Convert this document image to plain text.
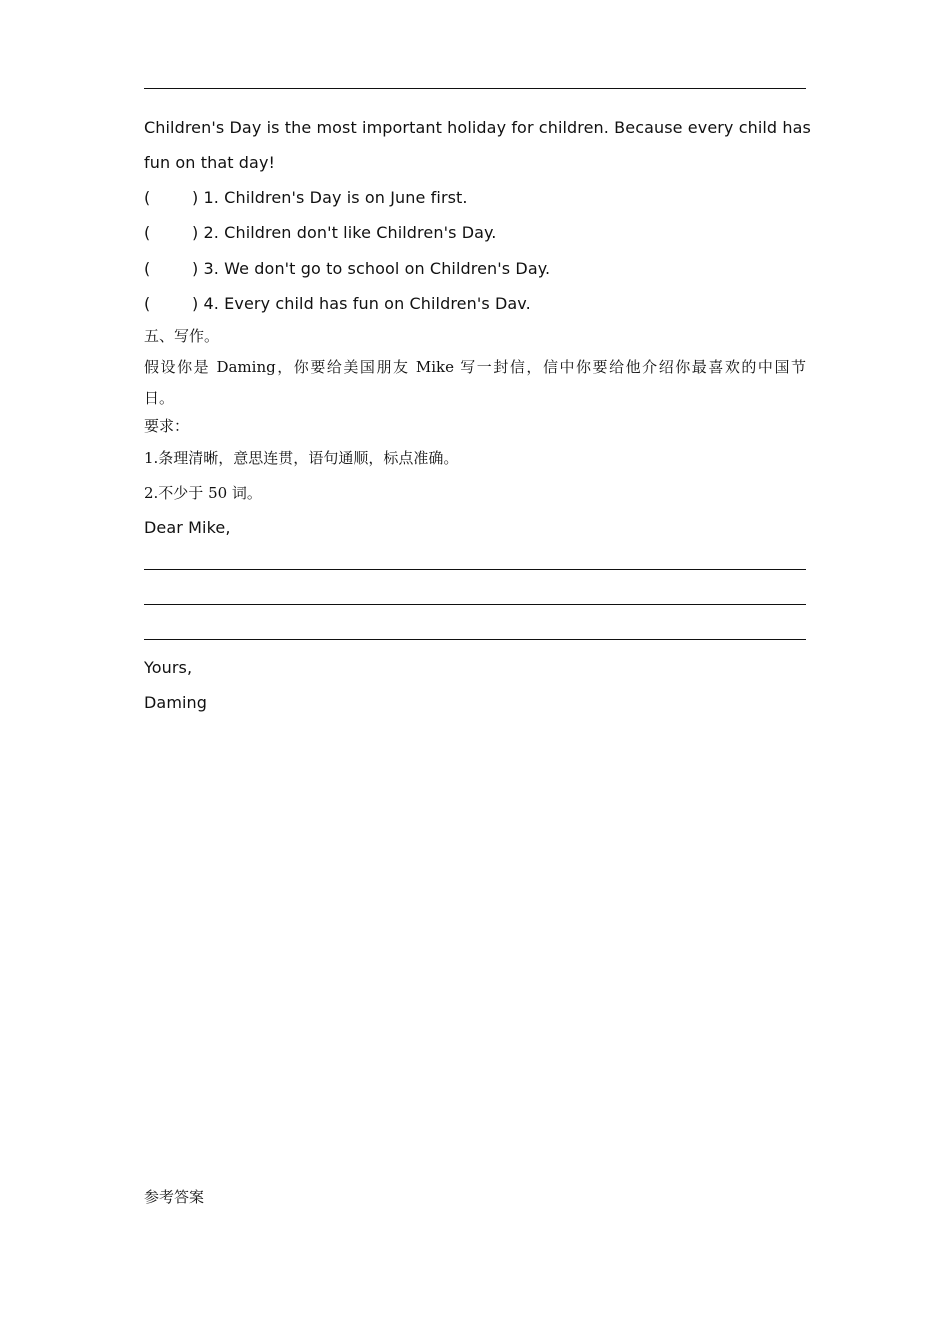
Children's Day is the most important holiday for children. Because every child has
fun on that day!
(	) 1. Children's Day is on June first.
(	) 2. Children don't like Children's Day.
(	) 3. We don't go to school on Children's Day.
(	) 4. Every child has fun on Children's Dav.
五、写作。
假设你是 Daming，你要给美国朋友 Mike 写一封信，信中你要给他介绍你最喜欢的中国节
日。
要求：
1.条理清晰，意思连贯，语句通顺，标点准确。
2.不少于 50 词。
Dear Mike,
Yours,
Daming
参考答案
